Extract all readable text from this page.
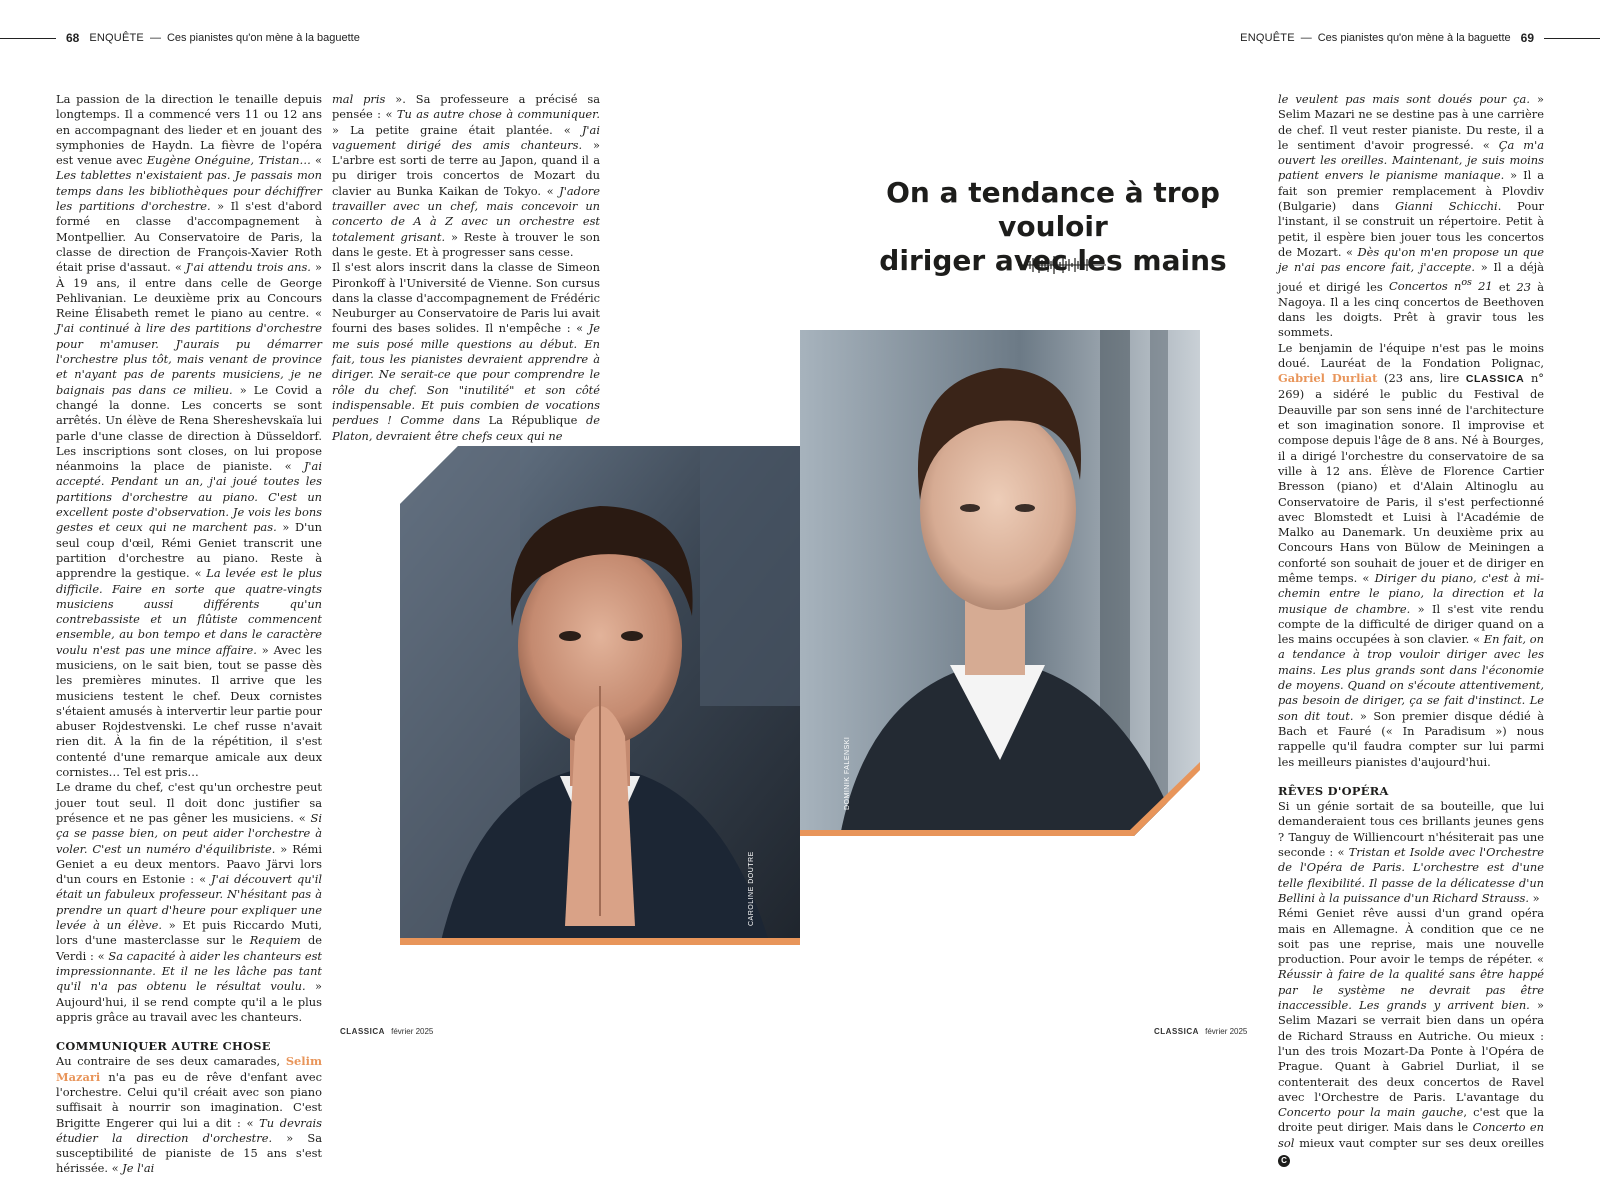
68 ENQUÊTE — Ces pianistes qu'on mène à la baguette	ENQUÊTE — Ces pianistes qu'on mène à la baguette 69

La passion de la direction le tenaille depuis longtemps. Il a commencé vers 11 ou 12 ans en accompagnant des lieder et en jouant des symphonies de Haydn. La fièvre de l'opéra est venue avec Eugène Onéguine, Tristan… « Les tablettes n'existaient pas. Je passais mon temps dans les bibliothèques pour déchiffrer les partitions d'orchestre. » Il s'est d'abord formé en classe d'accompagnement à Montpellier. Au Conservatoire de Paris, la classe de direction de François-Xavier Roth était prise d'assaut. « J'ai attendu trois ans. » À 19 ans, il entre dans celle de George Pehlivanian. Le deuxième prix au Concours Reine Élisabeth remet le piano au centre. « J'ai continué à lire des partitions d'orchestre pour m'amuser. J'aurais pu démarrer l'orchestre plus tôt, mais venant de province et n'ayant pas de parents musiciens, je ne baignais pas dans ce milieu. » Le Covid a changé la donne. Les concerts se sont arrêtés. Un élève de Rena Shereshevskaïa lui parle d'une classe de direction à Düsseldorf. Les inscriptions sont closes, on lui propose néanmoins la place de pianiste. « J'ai accepté. Pendant un an, j'ai joué toutes les partitions d'orchestre au piano. C'est un excellent poste d'observation. Je vois les bons gestes et ceux qui ne marchent pas. » D'un seul coup d'œil, Rémi Geniet transcrit une partition d'orchestre au piano. Reste à apprendre la gestique. « La levée est le plus difficile. Faire en sorte que quatre-vingts musiciens aussi différents qu'un contrebassiste et un flûtiste commencent ensemble, au bon tempo et dans le caractère voulu n'est pas une mince affaire. » Avec les musiciens, on le sait bien, tout se passe dès les premières minutes. Il arrive que les musiciens testent le chef. Deux cornistes s'étaient amusés à intervertir leur partie pour abuser Rojdestvenski. Le chef russe n'avait rien dit. À la fin de la répétition, il s'est contenté d'une remarque amicale aux deux cornistes… Tel est pris…

Le drame du chef, c'est qu'un orchestre peut jouer tout seul. Il doit donc justifier sa présence et ne pas gêner les musiciens. « Si ça se passe bien, on peut aider l'orchestre à voler. C'est un numéro d'équilibriste. » Rémi Geniet a eu deux mentors. Paavo Järvi lors d'un cours en Estonie : « J'ai découvert qu'il était un fabuleux professeur. N'hésitant pas à prendre un quart d'heure pour expliquer une levée à un élève. » Et puis Riccardo Muti, lors d'une masterclasse sur le Requiem de Verdi : « Sa capacité à aider les chanteurs est impressionnante. Et il ne les lâche pas tant qu'il n'a pas obtenu le résultat voulu. » Aujourd'hui, il se rend compte qu'il a le plus appris grâce au travail avec les chanteurs.

COMMUNIQUER AUTRE CHOSE

Au contraire de ses deux camarades, Selim Mazari n'a pas eu de rêve d'enfant avec l'orchestre. Celui qu'il créait avec son piano suffisait à nourrir son imagination. C'est Brigitte Engerer qui lui a dit : « Tu devrais étudier la direction d'orchestre. » Sa susceptibilité de pianiste de 15 ans s'est hérissée. « Je l'ai

mal pris ». Sa professeure a précisé sa pensée : « Tu as autre chose à communiquer. » La petite graine était plantée. « J'ai vaguement dirigé des amis chanteurs. » L'arbre est sorti de terre au Japon, quand il a pu diriger trois concertos de Mozart du clavier au Bunka Kaikan de Tokyo. « J'adore travailler avec un chef, mais concevoir un concerto de A à Z avec un orchestre est totalement grisant. » Reste à trouver le son dans le geste. Et à progresser sans cesse.

Il s'est alors inscrit dans la classe de Simeon Pironkoff à l'Université de Vienne. Son cursus dans la classe d'accompagnement de Frédéric Neuburger au Conservatoire de Paris lui avait fourni des bases solides. Il n'empêche : « Je me suis posé mille questions au début. En fait, tous les pianistes devraient apprendre à diriger. Ne serait-ce que pour comprendre le rôle du chef. Son "inutilité" et son côté indispensable. Et puis combien de vocations perdues ! Comme dans La République de Platon, devraient être chefs ceux qui ne

On a tendance à trop vouloir
diriger avec les mains
CAROLINE DOUTRE
DOMINIK FALENSKI

le veulent pas mais sont doués pour ça. » Selim Mazari ne se destine pas à une carrière de chef. Il veut rester pianiste. Du reste, il a le sentiment d'avoir progressé. « Ça m'a ouvert les oreilles. Maintenant, je suis moins patient envers le pianisme maniaque. » Il a fait son premier remplacement à Plovdiv (Bulgarie) dans Gianni Schicchi. Pour l'instant, il se construit un répertoire. Petit à petit, il espère bien jouer tous les concertos de Mozart. « Dès qu'on m'en propose un que je n'ai pas encore fait, j'accepte. » Il a déjà joué et dirigé les Concertos $n^{os}$ 21 et 23 à Nagoya. Il a les cinq concertos de Beethoven dans les doigts. Prêt à gravir tous les sommets.

Le benjamin de l'équipe n'est pas le moins doué. Lauréat de la Fondation Polignac, Gabriel Durliat (23 ans, lire CLASSICA n° 269) a sidéré le public du Festival de Deauville par son sens inné de l'architecture et son imagination sonore. Il improvise et compose depuis l'âge de 8 ans. Né à Bourges, il a dirigé l'orchestre du conservatoire de sa ville à 12 ans. Élève de Florence Cartier Bresson (piano) et d'Alain Altinoglu au Conservatoire de Paris, il s'est perfectionné avec Blomstedt et Luisi à l'Académie de Malko au Danemark. Un deuxième prix au Concours Hans von Bülow de Meiningen a conforté son souhait de jouer et de diriger en même temps. « Diriger du piano, c'est à mi-chemin entre le piano, la direction et la musique de chambre. » Il s'est vite rendu compte de la difficulté de diriger quand on a les mains occupées à son clavier. « En fait, on a tendance à trop vouloir diriger avec les mains. Les plus grands sont dans l'économie de moyens. Quand on s'écoute attentivement, pas besoin de diriger, ça se fait d'instinct. Le son dit tout. » Son premier disque dédié à Bach et Fauré (« In Paradisum ») nous rappelle qu'il faudra compter sur lui parmi les meilleurs pianistes d'aujourd'hui.

RÊVES D'OPÉRA

Si un génie sortait de sa bouteille, que lui demanderaient tous ces brillants jeunes gens ? Tanguy de Williencourt n'hésiterait pas une seconde : « Tristan et Isolde avec l'Orchestre de l'Opéra de Paris. L'orchestre est d'une telle flexibilité. Il passe de la délicatesse d'un Bellini à la puissance d'un Richard Strauss. »

Rémi Geniet rêve aussi d'un grand opéra mais en Allemagne. À condition que ce ne soit pas une reprise, mais une nouvelle production. Pour avoir le temps de répéter. « Réussir à faire de la qualité sans être happé par le système ne devrait pas être inaccessible. Les grands y arrivent bien. » Selim Mazari se verrait bien dans un opéra de Richard Strauss en Autriche. Ou mieux : l'un des trois Mozart-Da Ponte à l'Opéra de Prague. Quant à Gabriel Durliat, il se contenterait des deux concertos de Ravel avec l'Orchestre de Paris. L'avantage du Concerto pour la main gauche, c'est que la droite peut diriger. Mais dans le Concerto en sol mieux vaut compter sur ses deux oreilles C

CLASSICA février 2025	CLASSICA février 2025
